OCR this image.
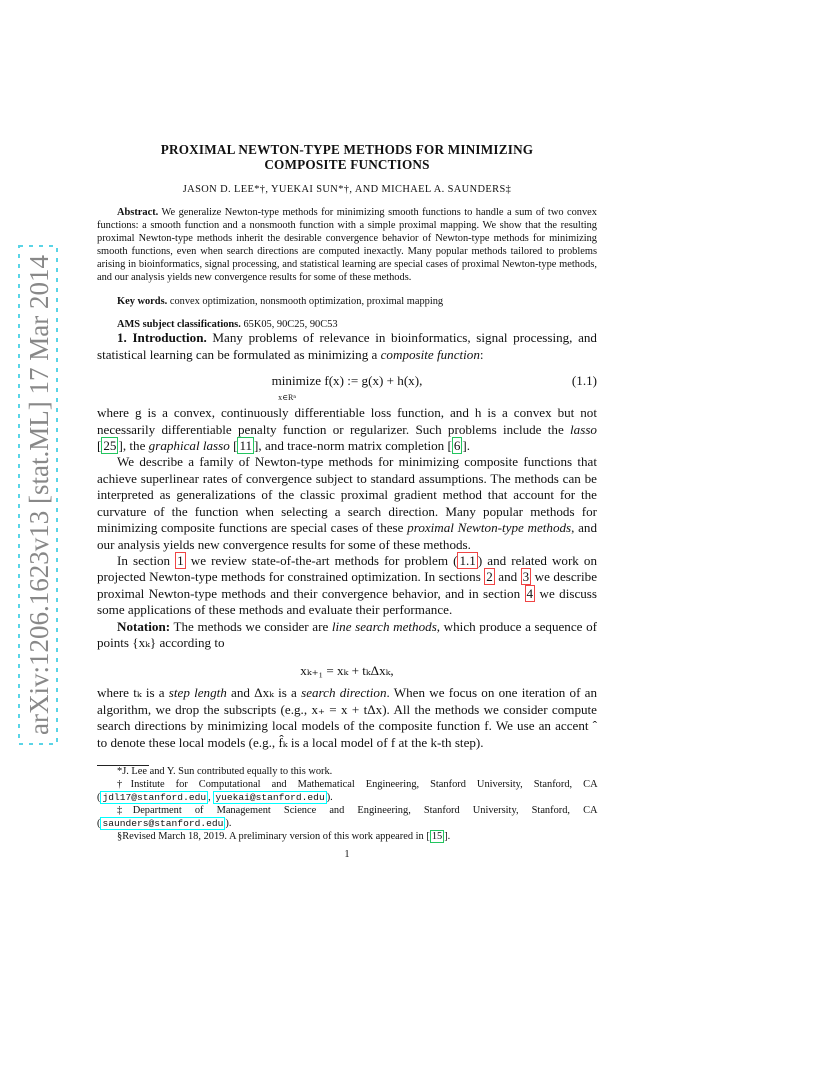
arXiv:1206.1623v13 [stat.ML] 17 Mar 2014
PROXIMAL NEWTON-TYPE METHODS FOR MINIMIZING
COMPOSITE FUNCTIONS
JASON D. LEE*†, YUEKAI SUN*†, AND MICHAEL A. SAUNDERS‡
Abstract. We generalize Newton-type methods for minimizing smooth functions to handle a sum of two convex functions: a smooth function and a nonsmooth function with a simple proximal mapping. We show that the resulting proximal Newton-type methods inherit the desirable convergence behavior of Newton-type methods for minimizing smooth functions, even when search directions are computed inexactly. Many popular methods tailored to problems arising in bioinformatics, signal processing, and statistical learning are special cases of proximal Newton-type methods, and our analysis yields new convergence results for some of these methods.
Key words. convex optimization, nonsmooth optimization, proximal mapping
AMS subject classifications. 65K05, 90C25, 90C53

1. Introduction. Many problems of relevance in bioinformatics, signal processing, and statistical learning can be formulated as minimizing a composite function:

minimize f(x) := g(x) + h(x),
x∈Rⁿ
(1.1)

where g is a convex, continuously differentiable loss function, and h is a convex but not necessarily differentiable penalty function or regularizer. Such problems include the lasso [ 25 ], the graphical lasso [ 11 ], and trace-norm matrix completion [ 6 ].

We describe a family of Newton-type methods for minimizing composite functions that achieve superlinear rates of convergence subject to standard assumptions. The methods can be interpreted as generalizations of the classic proximal gradient method that account for the curvature of the function when selecting a search direction. Many popular methods for minimizing composite functions are special cases of these proximal Newton-type methods, and our analysis yields new convergence results for some of these methods.

In section 1 we review state-of-the-art methods for problem ( 1.1 ) and related work on projected Newton-type methods for constrained optimization. In sections 2 and 3 we describe proximal Newton-type methods and their convergence behavior, and in section 4 we discuss some applications of these methods and evaluate their performance.

Notation: The methods we consider are line search methods, which produce a sequence of points {xₖ} according to

xₖ₊₁ = xₖ + tₖΔxₖ,

where tₖ is a step length and Δxₖ is a search direction. When we focus on one iteration of an algorithm, we drop the subscripts (e.g., x₊ = x + tΔx). All the methods we consider compute search directions by minimizing local models of the composite function f. We use an accent ˆ to denote these local models (e.g., f̂ₖ is a local model of f at the k-th step).

*J. Lee and Y. Sun contributed equally to this work.
†Institute for Computational and Mathematical Engineering, Stanford University, Stanford, CA ( jdl17@stanford.edu , yuekai@stanford.edu ).
‡Department of Management Science and Engineering, Stanford University, Stanford, CA ( saunders@stanford.edu ).
§Revised March 18, 2019. A preliminary version of this work appeared in [ 15 ].
1
